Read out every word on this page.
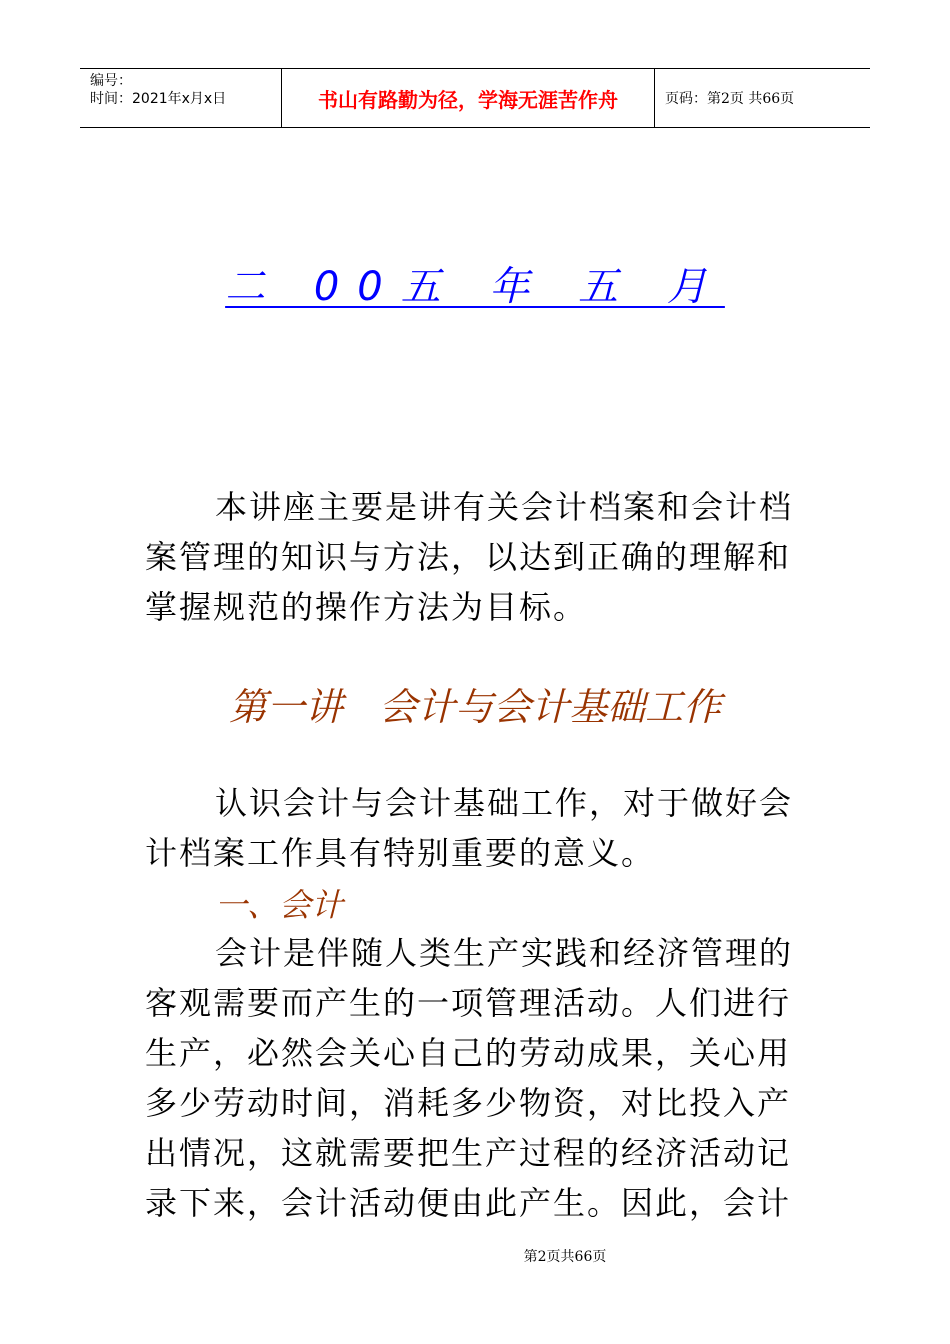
编号：
时间：2021年x月x日	书山有路勤为径，学海无涯苦作舟	页码：第2页 共66页
二 00五 年 五 月

本讲座主要是讲有关会计档案和会计档案管理的知识与方法，以达到正确的理解和掌握规范的操作方法为目标。

第一讲   会计与会计基础工作

认识会计与会计基础工作，对于做好会计档案工作具有特别重要的意义。

一、会计

会计是伴随人类生产实践和经济管理的客观需要而产生的一项管理活动。人们进行生产，必然会关心自己的劳动成果，关心用多少劳动时间，消耗多少物资，对比投入产出情况，这就需要把生产过程的经济活动记录下来，会计活动便由此产生。因此，会计

第2页共66页
